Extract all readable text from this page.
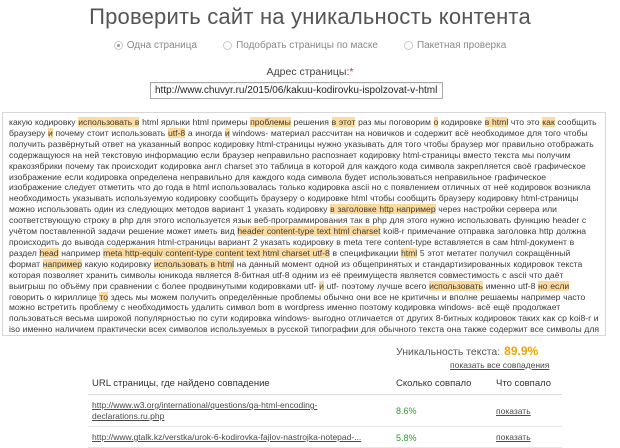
Проверить сайт на уникальность контента
Одна страница	Подобрать страницы по маске	Пакетная проверка
Адрес страницы:*
http://www.chuvyr.ru/2015/06/kakuu-kodirovku-ispolzovat-v-html.html
какую кодировку использовать в html ярлыки html примеры проблемы решения в этот раз мы поговорим о кодировке в html что это как сообщить браузеру и почему стоит использовать utf-8 а иногда и windows- материал рассчитан на новичков и содержит всё необходимое для того чтобы получить развёрнутый ответ на указанный вопрос кодировку html-страницы нужно указывать для того чтобы браузер мог правильно отображать содержащуюся на ней текстовую информацию если браузер неправильно распознает кодировку html-страницы вместо текста мы получим кракозябрики почему так происходит кодировка англ charset это таблица в которой для каждого кода символа закрепляется своё графическое изображение если кодировка определена неправильно для каждого кода символа будет использоваться неправильное графическое изображение следует отметить что до года в html использовалась только кодировка ascii но с появлением отличных от неё кодировок возникла необходимость указывать используемую кодировку сообщить браузеру о кодировке html чтобы сообщить браузеру кодировку html-страницы можно использовать один из следующих методов вариант 1 указать кодировку в заголовке http например через настройки сервера или соответствующую строку в php для этого используется язык веб-программирования так в php для этого нужно использовать функцию header с учётом поставленной задачи решение может иметь вид header content-type text html charset koi8-r примечание отправка заголовка http должна происходить до вывода содержания html-страницы вариант 2 указать кодировку в meta теге content-type вставляется в сам html-документ в раздел head например meta http-equiv content-type content text html charset utf-8 в спецификации html 5 этот метатег получил сокращённый формат например какую кодировку использовать в html на данный момент одной из общепринятых и стандартизированных кодировок текста которая позволяет хранить символы юникода является 8-битная utf-8 одним из её преимуществ является совместимость с ascii что даёт выигрыш по объёму при сравнении с более продвинутыми кодировками utf- и utf- поэтому лучше всего использовать именно utf-8 но если говорить о кириллице то здесь мы можем получить определённые проблемы обычно они все не критичны и вполне решаемы например часто можно встретить проблему с необходимость удалить символ bom в wordpress именно поэтому кодировка windows- всё ещё продолжает пользоваться весьма широкой популярностью по сути кодировка windows- выгодно отличается от других 8-битных кодировок таких как cp koi8-r и iso именно наличием практически всех символов используемых в русской типографии для обычного текста она также содержит все символы для
Уникальность текста: 89.9%
показать все совпадения
URL страницы, где найдено совпадение	Сколько совпало	Что совпало
http://www.w3.org/international/questions/qa-html-encoding-declarations.ru.php	8.6%	показать
http://www.gtalk.kz/verstka/urok-6-kodirovka-fajlov-nastrojka-notepad-...	5.8%	показать
